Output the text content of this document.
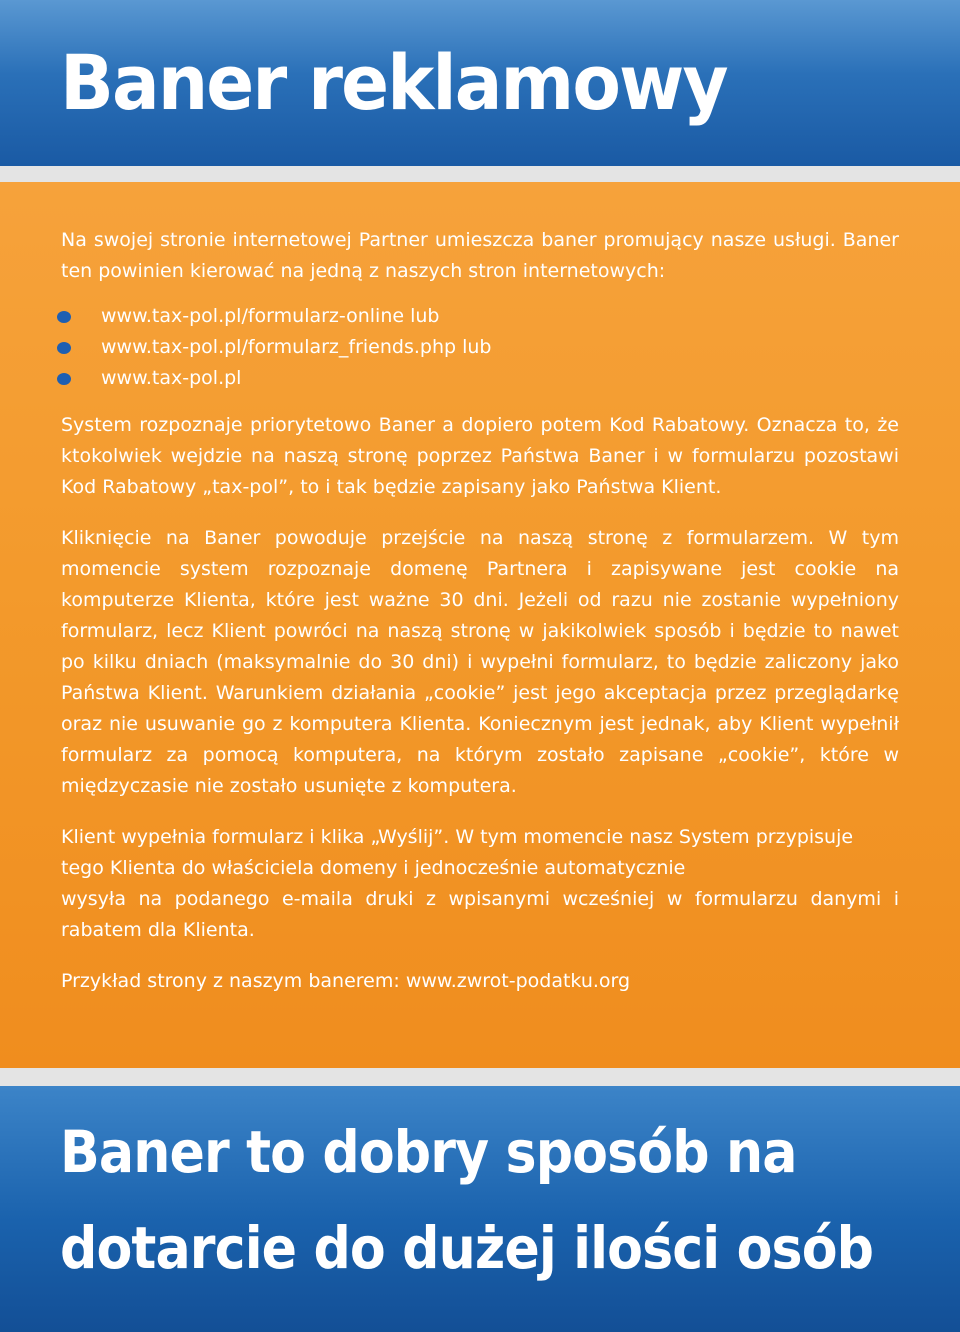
Baner reklamowy

Na swojej stronie internetowej Partner umieszcza baner promujący nasze usługi. Baner ten powinien kierować na jedną z naszych stron internetowych:

www.tax-pol.pl/formularz-online lub
www.tax-pol.pl/formularz_friends.php lub
www.tax-pol.pl

System rozpoznaje priorytetowo Baner a dopiero potem Kod Rabatowy. Oznacza to, że ktokolwiek wejdzie na naszą stronę poprzez Państwa Baner i w formularzu pozostawi Kod Rabatowy „tax-pol”, to i tak będzie zapisany jako Państwa Klient.

Kliknięcie na Baner powoduje przejście na naszą stronę z formularzem. W tym momencie system rozpoznaje domenę Partnera i zapisywane jest cookie na komputerze Klienta, które jest ważne 30 dni. Jeżeli od razu nie zostanie wypełniony formularz, lecz Klient powróci na naszą stronę w jakikolwiek sposób i będzie to nawet po kilku dniach (maksymalnie do 30 dni) i wypełni formularz, to będzie zaliczony jako Państwa Klient. Warunkiem działania „cookie” jest jego akceptacja przez przeglądarkę oraz nie usuwanie go z komputera Klienta. Koniecznym jest jednak, aby Klient wypełnił formularz za pomocą komputera, na którym zostało zapisane „cookie”, które w międzyczasie nie zostało usunięte z komputera.

Klient wypełnia formularz i klika „Wyślij”. W tym momencie nasz System przypisuje
tego Klienta do właściciela domeny i jednocześnie automatycznie
wysyła na podanego e-maila druki z wpisanymi wcześniej w formularzu danymi i rabatem dla Klienta.

Przykład strony z naszym banerem: www.zwrot-podatku.org

Baner to dobry sposób na
dotarcie do dużej ilości osób
